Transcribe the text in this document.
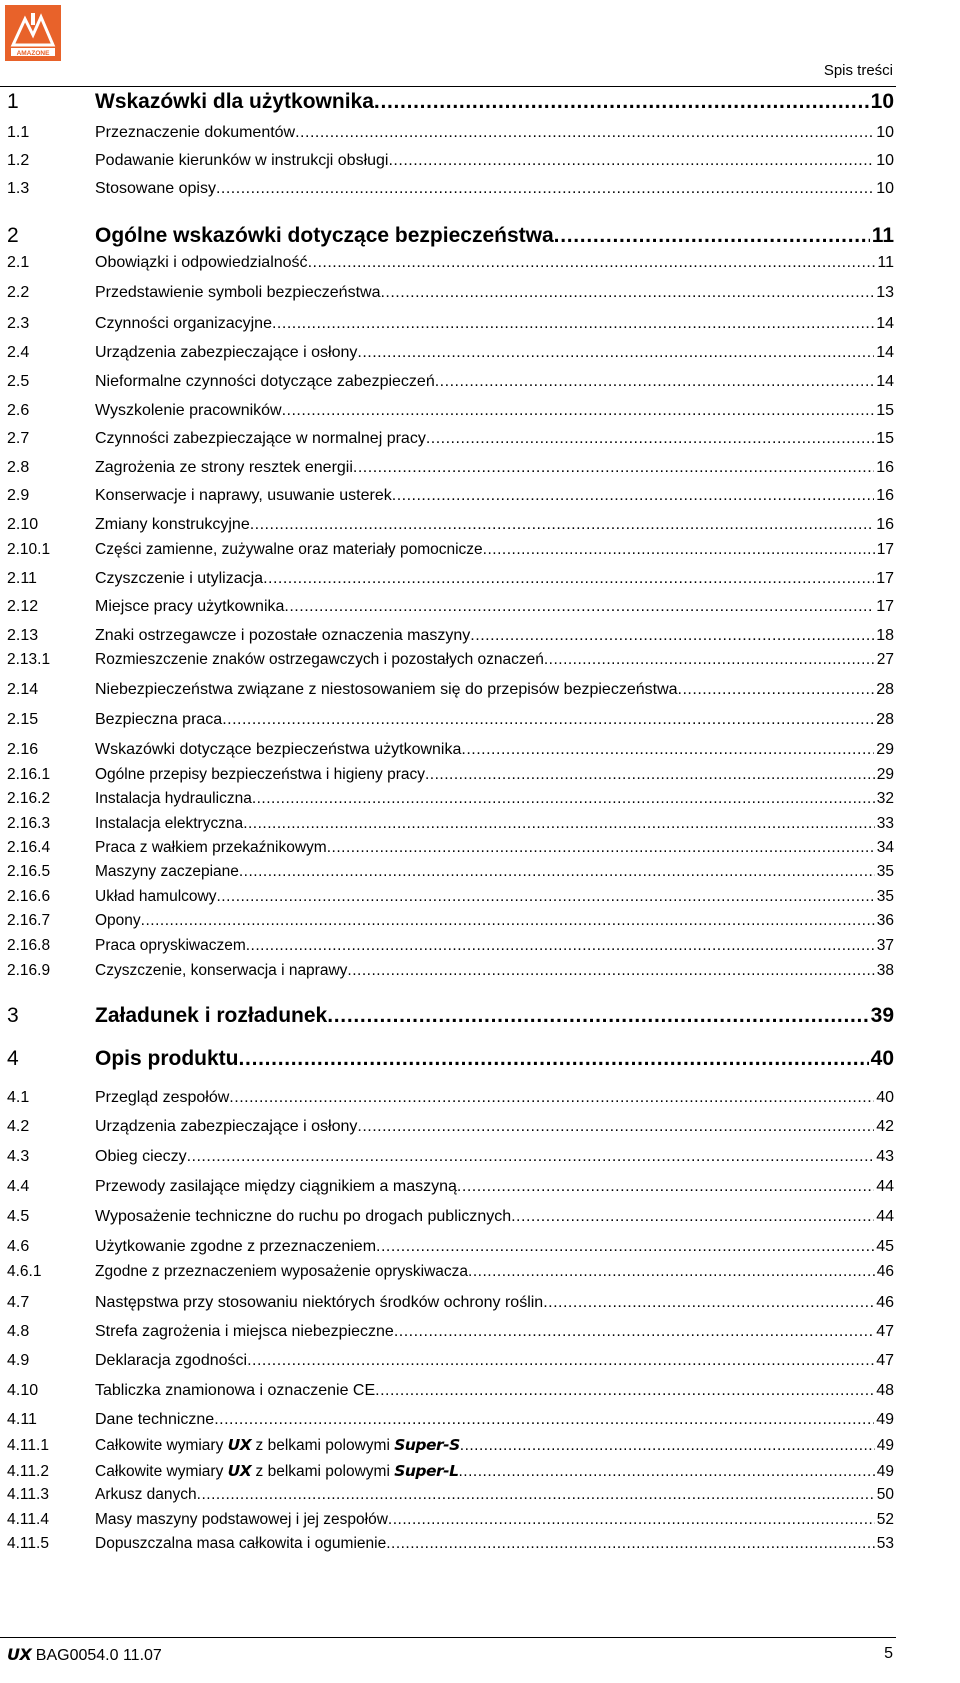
AMAZONE
Spis treści
1	Wskazówki dla użytkownika .....	10
1.1	Przeznaczenie dokumentów .....	10
1.2	Podawanie kierunków w instrukcji obsługi .....	10
1.3	Stosowane opisy .....	10
2	Ogólne wskazówki dotyczące bezpieczeństwa .....	11
2.1	Obowiązki i odpowiedzialność .....	11
2.2	Przedstawienie symboli bezpieczeństwa .....	13
2.3	Czynności organizacyjne .....	14
2.4	Urządzenia zabezpieczające i osłony .....	14
2.5	Nieformalne czynności dotyczące zabezpieczeń .....	14
2.6	Wyszkolenie pracowników .....	15
2.7	Czynności zabezpieczające w normalnej pracy .....	15
2.8	Zagrożenia ze strony resztek energii .....	16
2.9	Konserwacje i naprawy, usuwanie usterek .....	16
2.10	Zmiany konstrukcyjne .....	16
2.10.1	Części zamienne, zużywalne oraz materiały pomocnicze .....	17
2.11	Czyszczenie i utylizacja .....	17
2.12	Miejsce pracy użytkownika .....	17
2.13	Znaki ostrzegawcze i pozostałe oznaczenia maszyny .....	18
2.13.1	Rozmieszczenie znaków ostrzegawczych i pozostałych oznaczeń .....	27
2.14	Niebezpieczeństwa związane z niestosowaniem się do przepisów bezpieczeństwa .....	28
2.15	Bezpieczna praca .....	28
2.16	Wskazówki dotyczące bezpieczeństwa użytkownika .....	29
2.16.1	Ogólne przepisy bezpieczeństwa i higieny pracy .....	29
2.16.2	Instalacja hydrauliczna .....	32
2.16.3	Instalacja elektryczna .....	33
2.16.4	Praca z wałkiem przekaźnikowym .....	34
2.16.5	Maszyny zaczepiane .....	35
2.16.6	Układ hamulcowy .....	35
2.16.7	Opony .....	36
2.16.8	Praca opryskiwaczem .....	37
2.16.9	Czyszczenie, konserwacja i naprawy .....	38
3	Załadunek i rozładunek .....	39
4	Opis produktu .....	40
4.1	Przegląd zespołów .....	40
4.2	Urządzenia zabezpieczające i osłony .....	42
4.3	Obieg cieczy .....	43
4.4	Przewody zasilające między ciągnikiem a maszyną .....	44
4.5	Wyposażenie techniczne do ruchu po drogach publicznych .....	44
4.6	Użytkowanie zgodne z przeznaczeniem .....	45
4.6.1	Zgodne z przeznaczeniem wyposażenie opryskiwacza .....	46
4.7	Następstwa przy stosowaniu niektórych środków ochrony roślin .....	46
4.8	Strefa zagrożenia i miejsca niebezpieczne .....	47
4.9	Deklaracja zgodności .....	47
4.10	Tabliczka znamionowa i oznaczenie CE .....	48
4.11	Dane techniczne .....	49
4.11.1	Całkowite wymiary UX z belkami polowymi Super-S .....	49
4.11.2	Całkowite wymiary UX z belkami polowymi Super-L .....	49
4.11.3	Arkusz danych .....	50
4.11.4	Masy maszyny podstawowej i jej zespołów .....	52
4.11.5	Dopuszczalna masa całkowita i ogumienie .....	53
UX BAG0054.0 11.07	5
